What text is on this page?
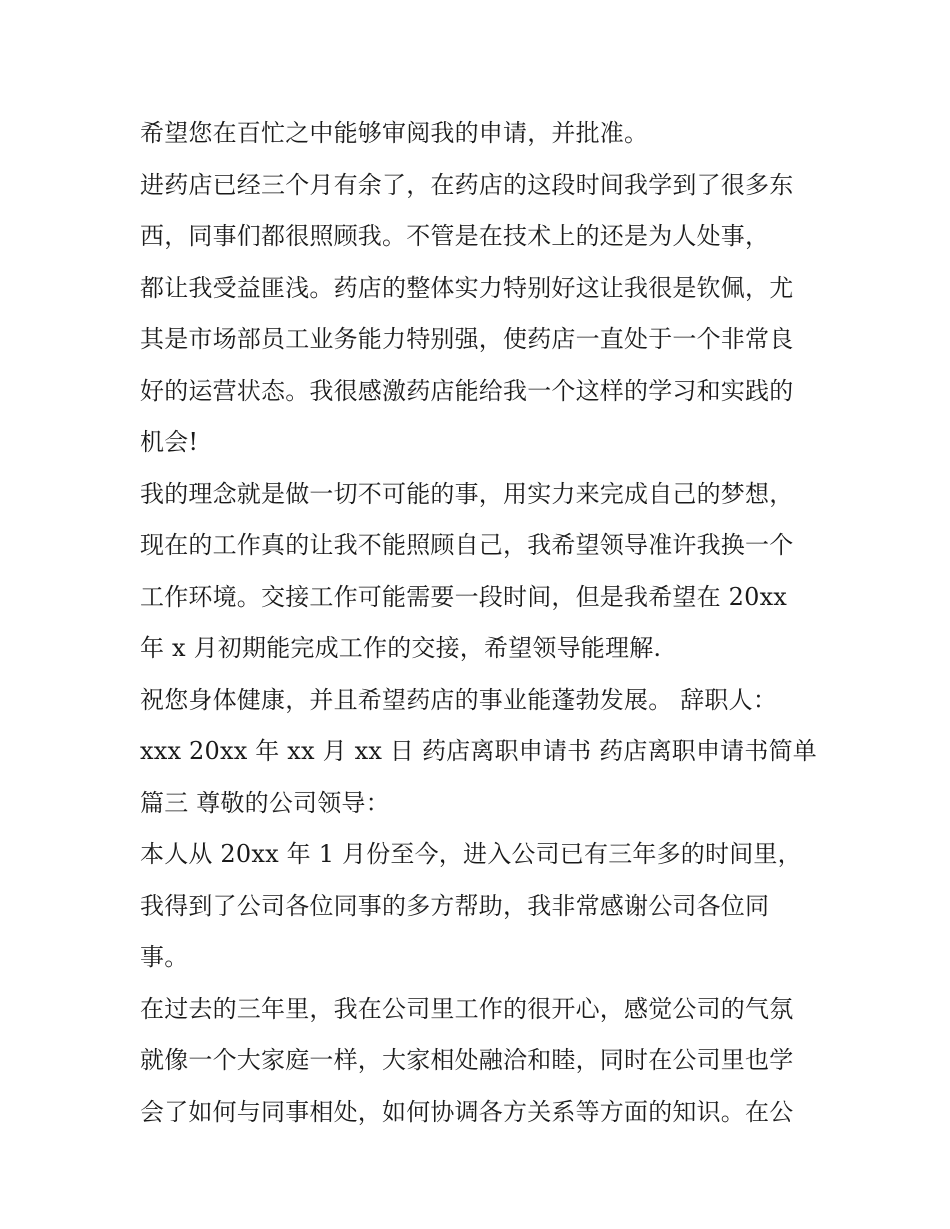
希望您在百忙之中能够审阅我的申请，并批准。
进药店已经三个月有余了，在药店的这段时间我学到了很多东
西，同事们都很照顾我。不管是在技术上的还是为人处事，
都让我受益匪浅。药店的整体实力特别好这让我很是钦佩，尤
其是市场部员工业务能力特别强，使药店一直处于一个非常良
好的运营状态。我很感激药店能给我一个这样的学习和实践的
机会!
我的理念就是做一切不可能的事，用实力来完成自己的梦想，
现在的工作真的让我不能照顾自己，我希望领导准许我换一个
工作环境。交接工作可能需要一段时间，但是我希望在 20xx
年 x 月初期能完成工作的交接，希望领导能理解.
祝您身体健康，并且希望药店的事业能蓬勃发展。 辞职人：
xxx 20xx 年 xx 月 xx 日 药店离职申请书 药店离职申请书简单
篇三 尊敬的公司领导：
本人从 20xx 年 1 月份至今，进入公司已有三年多的时间里，
我得到了公司各位同事的多方帮助，我非常感谢公司各位同
事。
在过去的三年里，我在公司里工作的很开心，感觉公司的气氛
就像一个大家庭一样，大家相处融洽和睦，同时在公司里也学
会了如何与同事相处，如何协调各方关系等方面的知识。在公
